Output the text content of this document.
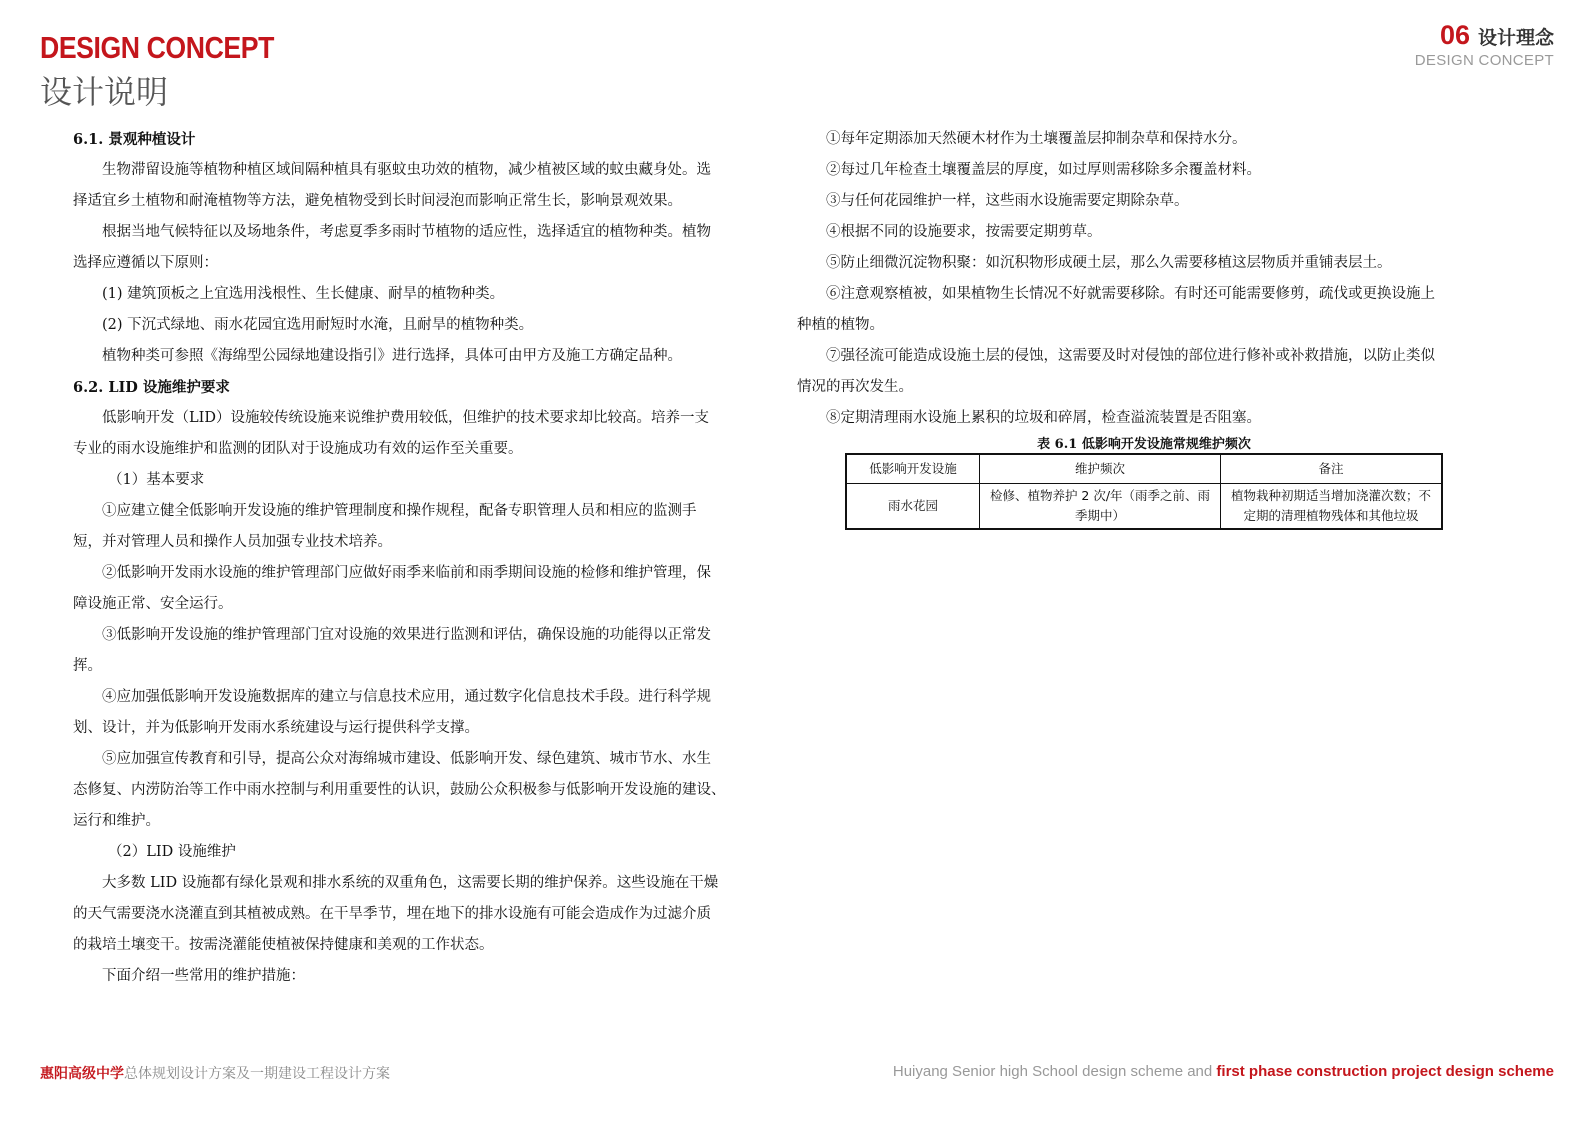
DESIGN CONCEPT
设计说明
06 设计理念
DESIGN CONCEPT
6.1. 景观种植设计
生物滞留设施等植物种植区域间隔种植具有驱蚊虫功效的植物，减少植被区域的蚊虫藏身处。选
择适宜乡土植物和耐淹植物等方法，避免植物受到长时间浸泡而影响正常生长，影响景观效果。
根据当地气候特征以及场地条件，考虑夏季多雨时节植物的适应性，选择适宜的植物种类。植物
选择应遵循以下原则：
(1) 建筑顶板之上宜选用浅根性、生长健康、耐旱的植物种类。
(2) 下沉式绿地、雨水花园宜选用耐短时水淹，且耐旱的植物种类。
植物种类可参照《海绵型公园绿地建设指引》进行选择，具体可由甲方及施工方确定品种。
6.2. LID 设施维护要求
低影响开发（LID）设施较传统设施来说维护费用较低，但维护的技术要求却比较高。培养一支
专业的雨水设施维护和监测的团队对于设施成功有效的运作至关重要。
（1）基本要求
①应建立健全低影响开发设施的维护管理制度和操作规程，配备专职管理人员和相应的监测手
短，并对管理人员和操作人员加强专业技术培养。
②低影响开发雨水设施的维护管理部门应做好雨季来临前和雨季期间设施的检修和维护管理，保
障设施正常、安全运行。
③低影响开发设施的维护管理部门宜对设施的效果进行监测和评估，确保设施的功能得以正常发
挥。
④应加强低影响开发设施数据库的建立与信息技术应用，通过数字化信息技术手段。进行科学规
划、设计，并为低影响开发雨水系统建设与运行提供科学支撑。
⑤应加强宣传教育和引导，提高公众对海绵城市建设、低影响开发、绿色建筑、城市节水、水生
态修复、内涝防治等工作中雨水控制与利用重要性的认识，鼓励公众积极参与低影响开发设施的建设、
运行和维护。
（2）LID 设施维护
大多数 LID 设施都有绿化景观和排水系统的双重角色，这需要长期的维护保养。这些设施在干燥
的天气需要浇水浇灌直到其植被成熟。在干旱季节，埋在地下的排水设施有可能会造成作为过滤介质
的栽培土壤变干。按需浇灌能使植被保持健康和美观的工作状态。
下面介绍一些常用的维护措施：
①每年定期添加天然硬木材作为土壤覆盖层抑制杂草和保持水分。
②每过几年检查土壤覆盖层的厚度，如过厚则需移除多余覆盖材料。
③与任何花园维护一样，这些雨水设施需要定期除杂草。
④根据不同的设施要求，按需要定期剪草。
⑤防止细微沉淀物积聚：如沉积物形成硬土层，那么久需要移植这层物质并重铺表层土。
⑥注意观察植被，如果植物生长情况不好就需要移除。有时还可能需要修剪，疏伐或更换设施上
种植的植物。
⑦强径流可能造成设施土层的侵蚀，这需要及时对侵蚀的部位进行修补或补救措施，以防止类似
情况的再次发生。
⑧定期清理雨水设施上累积的垃圾和碎屑，检查溢流装置是否阻塞。
表 6.1 低影响开发设施常规维护频次
低影响开发设施	维护频次	备注
雨水花园	检修、植物养护 2 次/年（雨季之前、雨季期中）	植物栽种初期适当增加浇灌次数；不定期的清理植物残体和其他垃圾
惠阳高级中学总体规划设计方案及一期建设工程设计方案	Huiyang Senior high School design scheme and first phase construction project design scheme
